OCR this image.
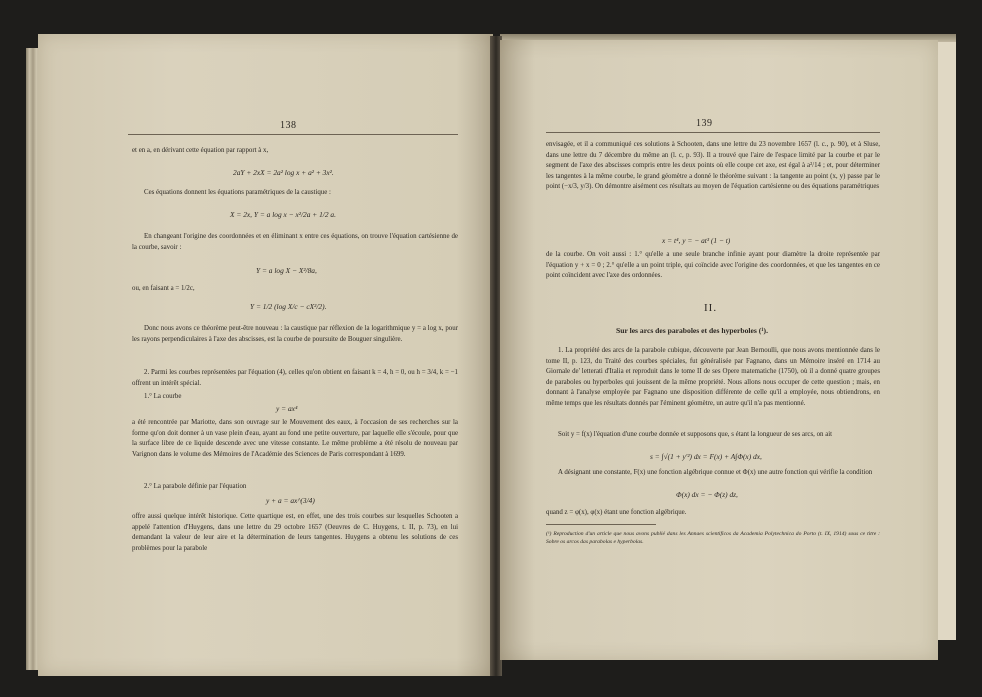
138
et en a, en dérivant cette équation par rapport à x,
2aY + 2xX = 2a² log x + a² + 3x².
Ces équations donnent les équations paramétriques de la caustique :
X = 2x, Y = a log x − x²/2a + 1/2 a.
En changeant l'origine des coordonnées et en éliminant x entre ces équations, on trouve l'équation cartésienne de la courbe, savoir :
Y = a log X − X²/8a,
ou, en faisant a = 1/2c,
Y = 1/2 (log X/c − cX²/2).
Donc nous avons ce théorème peut-être nouveau : la caustique par réflexion de la logarithmique y = a log x, pour les rayons perpendiculaires à l'axe des abscisses, est la courbe de poursuite de Bouguer singulière.
2. Parmi les courbes représentées par l'équation (4), celles qu'on obtient en faisant k = 4, h = 0, ou h = 3/4, k = −1 offrent un intérêt spécial.
1.° La courbe
y = ax⁴
a été rencontrée par Mariotte, dans son ouvrage sur le Mouvement des eaux, à l'occasion de ses recherches sur la forme qu'on doit donner à un vase plein d'eau, ayant au fond une petite ouverture, par laquelle elle s'écoule, pour que la surface libre de ce liquide descende avec une vitesse constante. Le même problème a été résolu de nouveau par Varignon dans le volume des Mémoires de l'Académie des Sciences de Paris correspondant à 1699.
2.° La parabole définie par l'équation
y + a = ax^(3/4)
offre aussi quelque intérêt historique. Cette quartique est, en effet, une des trois courbes sur lesquelles Schooten a appelé l'attention d'Huygens, dans une lettre du 29 octobre 1657 (Oeuvres de C. Huygens, t. II, p. 73), en lui demandant la valeur de leur aire et la détermination de leurs tangentes. Huygens a obtenu les solutions de ces problèmes pour la parabole
139
envisagée, et il a communiqué ces solutions à Schooten, dans une lettre du 23 novembre 1657 (l. c., p. 90), et à Sluse, dans une lettre du 7 décembre du même an (l. c, p. 93). Il a trouvé que l'aire de l'espace limité par la courbe et par le segment de l'axe des abscisses compris entre les deux points où elle coupe cet axe, est égal à a²/14 ; et, pour déterminer les tangentes à la même courbe, le grand géomètre a donné le théorème suivant : la tangente au point (x, y) passe par le point (−x/3, y/3). On démontre aisément ces résultats au moyen de l'équation cartésienne ou des équations paramétriques
x = t⁴, y = − at³ (1 − t)
de la courbe. On voit aussi : 1.° qu'elle a une seule branche infinie ayant pour diamètre la droite représentée par l'équation y + x = 0 ; 2.° qu'elle a un point triple, qui coïncide avec l'origine des coordonnées, et que les tangentes en ce point coïncident avec l'axe des ordonnées.
II.
Sur les arcs des paraboles et des hyperboles (¹).
1. La propriété des arcs de la parabole cubique, découverte par Jean Bernoulli, que nous avons mentionnée dans le tome II, p. 123, du Traité des courbes spéciales, fut généralisée par Fagnano, dans un Mémoire inséré en 1714 au Giornale de' letterati d'Italia et reproduit dans le tome II de ses Opere matematiche (1750), où il a donné quatre groupes de paraboles ou hyperboles qui jouissent de la même propriété. Nous allons nous occuper de cette question ; mais, en donnant à l'analyse employée par Fagnano une disposition différente de celle qu'il a employée, nous obtiendrons, en même temps que les résultats donnés par l'éminent géomètre, un autre qu'il n'a pas mentionné.
Soit y = f(x) l'équation d'une courbe donnée et supposons que, s étant la longueur de ses arcs, on ait
s = ∫√(1 + y'²) dx = F(x) + A∫Φ(x) dx,
A désignant une constante, F(x) une fonction algébrique connue et Φ(x) une autre fonction qui vérifie la condition
Φ(x) dx = − Φ(z) dz,
quand z = φ(x), φ(x) étant une fonction algébrique.
(¹) Reproduction d'un article que nous avons publié dans les Annaes scientificos da Academia Polytechnica do Porto (t. IX, 1914) sous ce titre : Sobre os arcos das parabolas e hyperbolas.
